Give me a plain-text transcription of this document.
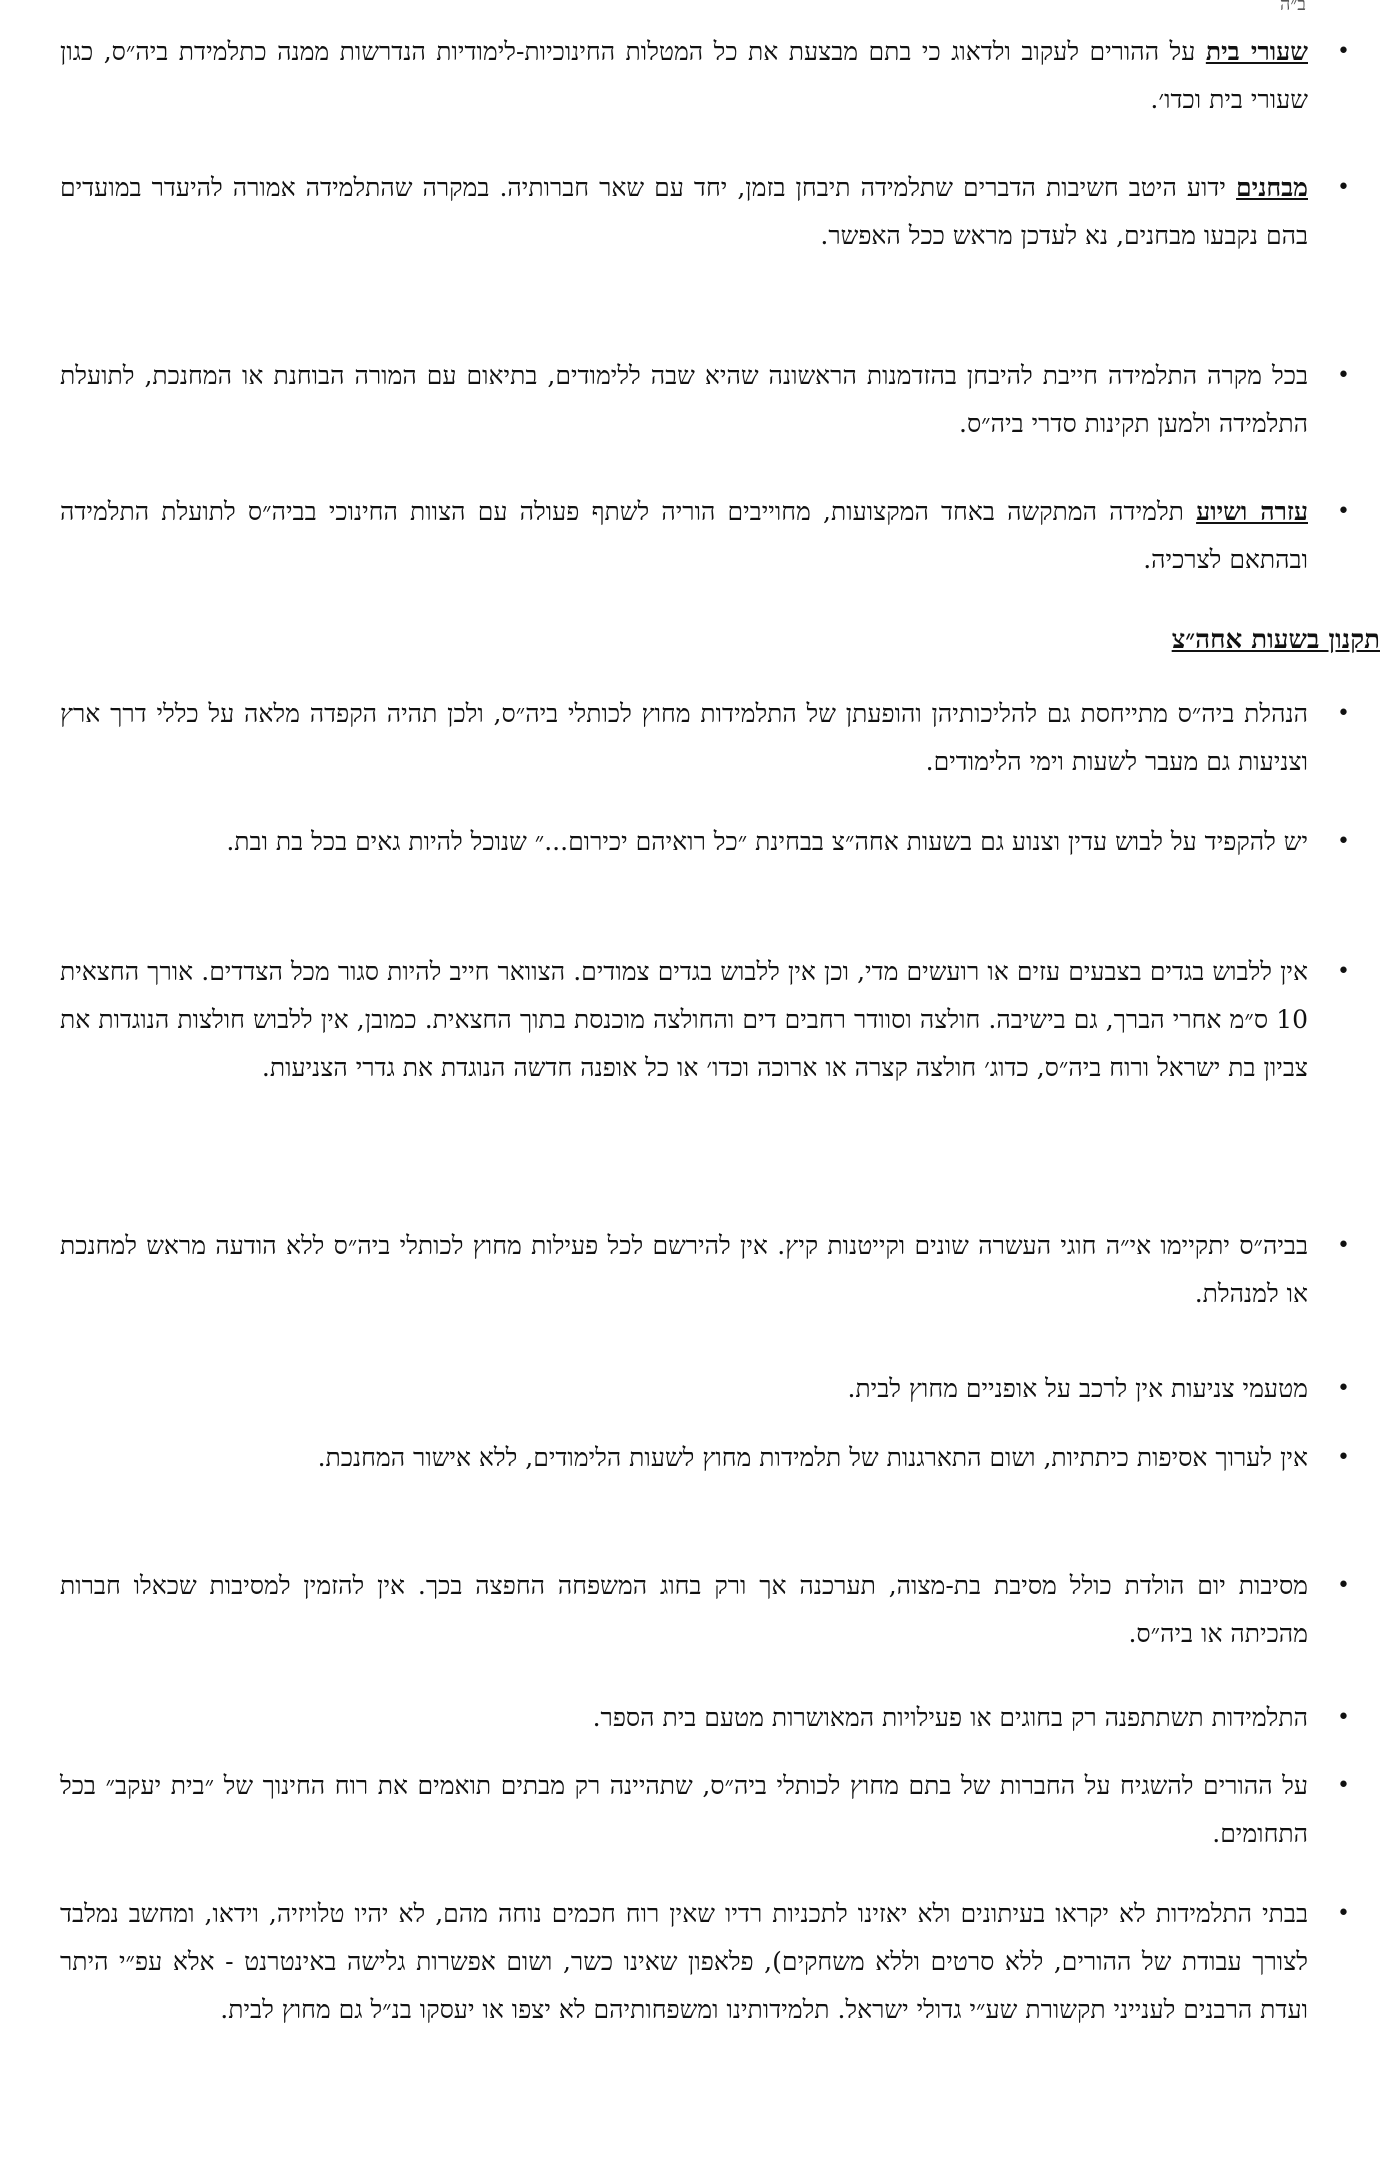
ב״ה
•
שעורי בית על ההורים לעקוב ולדאוג כי בתם מבצעת את כל המטלות החינוכיות-לימודיות הנדרשות ממנה כתלמידת ביה״ס, כגון שעורי בית וכדו׳.
•
מבחנים ידוע היטב חשיבות הדברים שתלמידה תיבחן בזמן, יחד עם שאר חברותיה. במקרה שהתלמידה אמורה להיעדר במועדים בהם נקבעו מבחנים, נא לעדכן מראש ככל האפשר.
•
בכל מקרה התלמידה חייבת להיבחן בהזדמנות הראשונה שהיא שבה ללימודים, בתיאום עם המורה הבוחנת או המחנכת, לתועלת התלמידה ולמען תקינות סדרי ביה״ס.
•
עזרה ושיוע תלמידה המתקשה באחד המקצועות, מחוייבים הוריה לשתף פעולה עם הצוות החינוכי בביה״ס לתועלת התלמידה ובהתאם לצרכיה.
תקנון בשעות אחה״צ
•
הנהלת ביה״ס מתייחסת גם להליכותיהן והופעתן של התלמידות מחוץ לכותלי ביה״ס, ולכן תהיה הקפדה מלאה על כללי דרך ארץ וצניעות גם מעבר לשעות וימי הלימודים.
•
יש להקפיד על לבוש עדין וצנוע גם בשעות אחה״צ בבחינת ״כל רואיהם יכירום...״ שנוכל להיות גאים בכל בת ובת.
•
אין ללבוש בגדים בצבעים עזים או רועשים מדי, וכן אין ללבוש בגדים צמודים. הצוואר חייב להיות סגור מכל הצדדים. אורך החצאית 10 ס״מ אחרי הברך, גם בישיבה. חולצה וסוודר רחבים דים והחולצה מוכנסת בתוך החצאית. כמובן, אין ללבוש חולצות הנוגדות את צביון בת ישראל ורוח ביה״ס, כדוג׳ חולצה קצרה או ארוכה וכדו׳ או כל אופנה חדשה הנוגדת את גדרי הצניעות.
•
בביה״ס יתקיימו אי״ה חוגי העשרה שונים וקייטנות קיץ. אין להירשם לכל פעילות מחוץ לכותלי ביה״ס ללא הודעה מראש למחנכת או למנהלת.
•
מטעמי צניעות אין לרכב על אופניים מחוץ לבית.
•
אין לערוך אסיפות כיתתיות, ושום התארגנות של תלמידות מחוץ לשעות הלימודים, ללא אישור המחנכת.
•
מסיבות יום הולדת כולל מסיבת בת-מצוה, תערכנה אך ורק בחוג המשפחה החפצה בכך. אין להזמין למסיבות שכאלו חברות מהכיתה או ביה״ס.
•
התלמידות תשתתפנה רק בחוגים או פעילויות המאושרות מטעם בית הספר.
•
על ההורים להשגיח על החברות של בתם מחוץ לכותלי ביה״ס, שתהיינה רק מבתים תואמים את רוח החינוך של ״בית יעקב״ בכל התחומים.
•
בבתי התלמידות לא יקראו בעיתונים ולא יאזינו לתכניות רדיו שאין רוח חכמים נוחה מהם, לא יהיו טלויזיה, וידאו, ומחשב נמלבד לצורך עבודת של ההורים, ללא סרטים וללא משחקים), פלאפון שאינו כשר, ושום אפשרות גלישה באינטרנט - אלא עפ״י היתר ועדת הרבנים לענייני תקשורת שע״י גדולי ישראל. תלמידותינו ומשפחותיהם לא יצפו או יעסקו בנ״ל גם מחוץ לבית.
